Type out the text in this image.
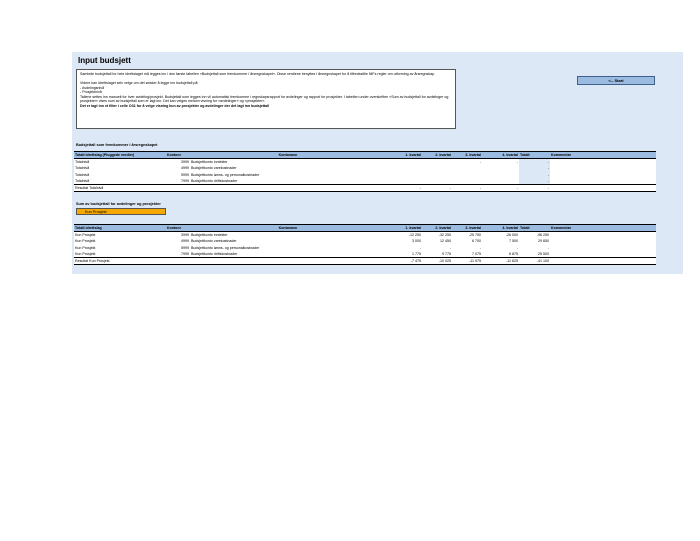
Input budsjett

Samlede budsjettall for hele idrettslaget må legges inn i den første tabellen «Budsjettall som fremkommer i årsregnskapet». Disse verdiene benyttes i årsregnskapet for å tilfredsstille NIFs regler om utforming av årsregnskap.

Videre kan idrettslaget selv velge om det ønsker å legge inn budsjettall på:

- Avdelingsnivå

- Prosjektnivå

Tallene settes inn manuelt for hver avdeling/prosjekt. Budsjettall som legges inn vil automatisk fremkomme i regnskapsrapport for avdelinger og rapport for prosjekter. I tabellen under overskriften «Sum av budsjettall for avdelinger og prosjekter» vises sum av budsjettall som er lagt inn. Det kan velges mellom visning for «avdelinger» og «prosjekter».

Det er lagt inn et filter i celle O31 for å velge visning kun av prosjekter og avdelinger der det lagt inn budsjettall

<-- Start
Budsjettall som fremkommer i årsregnskapet
Totalt idrettslag (Pluggede verdier)	Kontonr	Kontonavn	1. kvartal	2. kvartal	3. kvartal	4. kvartal	Totalt	Kommentar
Totalnivå	3999	Budsjettkonto inntekter			-	-	-	
Totalnivå	4999	Budsjettkonto varekostnader					-	
Totalnivå	5999	Budsjettkonto lønns- og personalkostnader					-	
Totalnivå	7999	Budsjettkonto driftskostnader					-	
Resultat Totalnivå			-	-	-	-	-	
Sum av budsjettall for avdelinger og prosjekter
Kun Prosjekt
Totalt idrettslag	Kontonr	Kontonavn	1. kvartal	2. kvartal	3. kvartal	4. kvartal	Totalt	Kommentar
Kun Prosjekt	3999	Budsjettkonto inntekter	-12 250	-32 250	-25 750	-26 000	-96 250	
Kun Prosjekt	4999	Budsjettkonto varekostnader	3 000	12 450	6 700	7 500	29 650	
Kun Prosjekt	5999	Budsjettkonto lønns- og personalkostnader	-	-	-	-	-	
Kun Prosjekt	7999	Budsjettkonto driftskostnader	1 775	9 775	7 075	6 875	25 500	
Resultat Kun Prosjekt			-7 475	-10 025	-11 975	-11 625	-41 100	
